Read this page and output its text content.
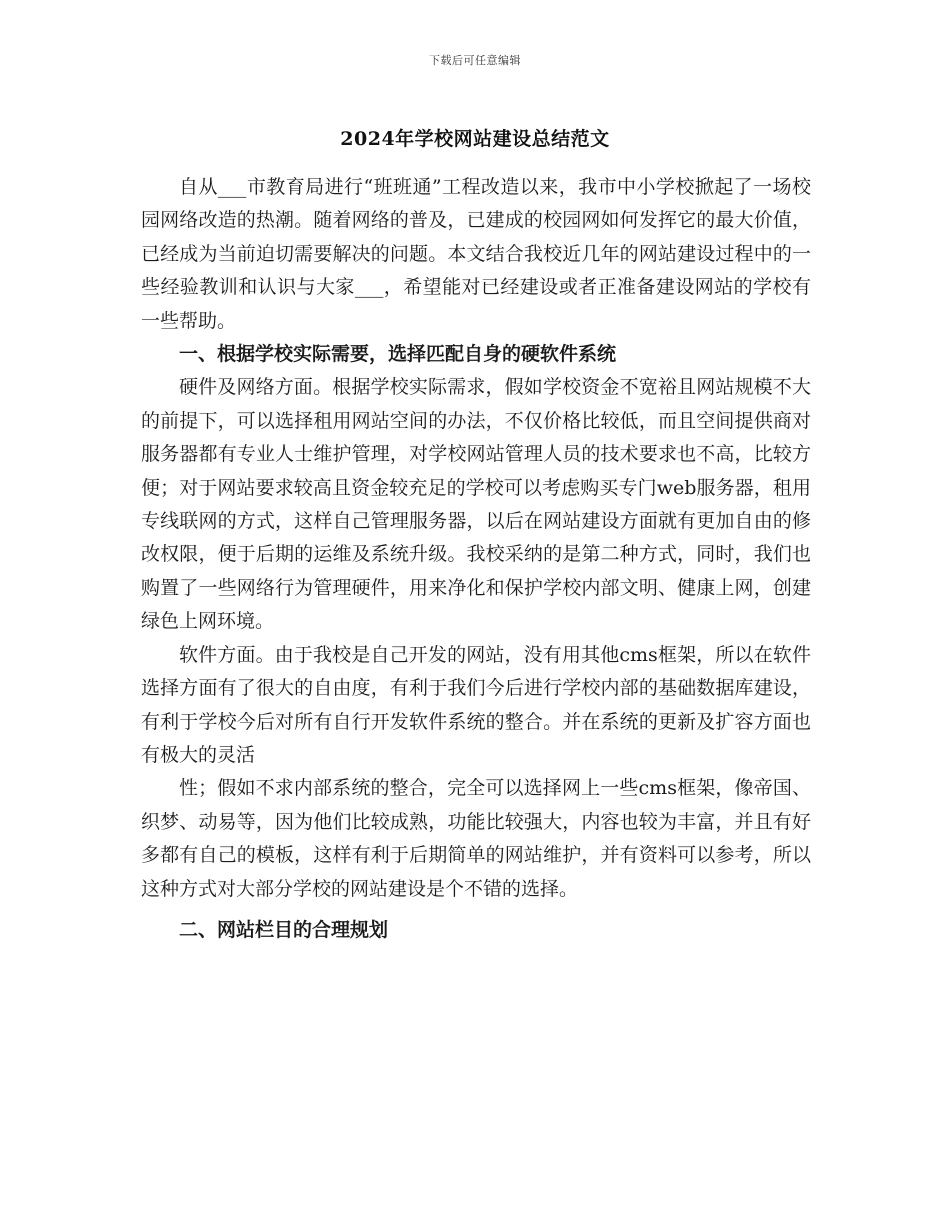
下载后可任意编辑
2024年学校网站建设总结范文

自从___市教育局进行“班班通”工程改造以来，我市中小学校掀起了一场校园网络改造的热潮。随着网络的普及，已建成的校园网如何发挥它的最大价值，已经成为当前迫切需要解决的问题。本文结合我校近几年的网站建设过程中的一些经验教训和认识与大家___，希望能对已经建设或者正准备建设网站的学校有一些帮助。

一、根据学校实际需要，选择匹配自身的硬软件系统

硬件及网络方面。根据学校实际需求，假如学校资金不宽裕且网站规模不大的前提下，可以选择租用网站空间的办法，不仅价格比较低，而且空间提供商对服务器都有专业人士维护管理，对学校网站管理人员的技术要求也不高，比较方便；对于网站要求较高且资金较充足的学校可以考虑购买专门web服务器，租用专线联网的方式，这样自己管理服务器，以后在网站建设方面就有更加自由的修改权限，便于后期的运维及系统升级。我校采纳的是第二种方式，同时，我们也购置了一些网络行为管理硬件，用来净化和保护学校内部文明、健康上网，创建绿色上网环境。

软件方面。由于我校是自己开发的网站，没有用其他cms框架，所以在软件选择方面有了很大的自由度，有利于我们今后进行学校内部的基础数据库建设，有利于学校今后对所有自行开发软件系统的整合。并在系统的更新及扩容方面也有极大的灵活

性；假如不求内部系统的整合，完全可以选择网上一些cms框架，像帝国、织梦、动易等，因为他们比较成熟，功能比较强大，内容也较为丰富，并且有好多都有自己的模板，这样有利于后期简单的网站维护，并有资料可以参考，所以这种方式对大部分学校的网站建设是个不错的选择。

二、网站栏目的合理规划
